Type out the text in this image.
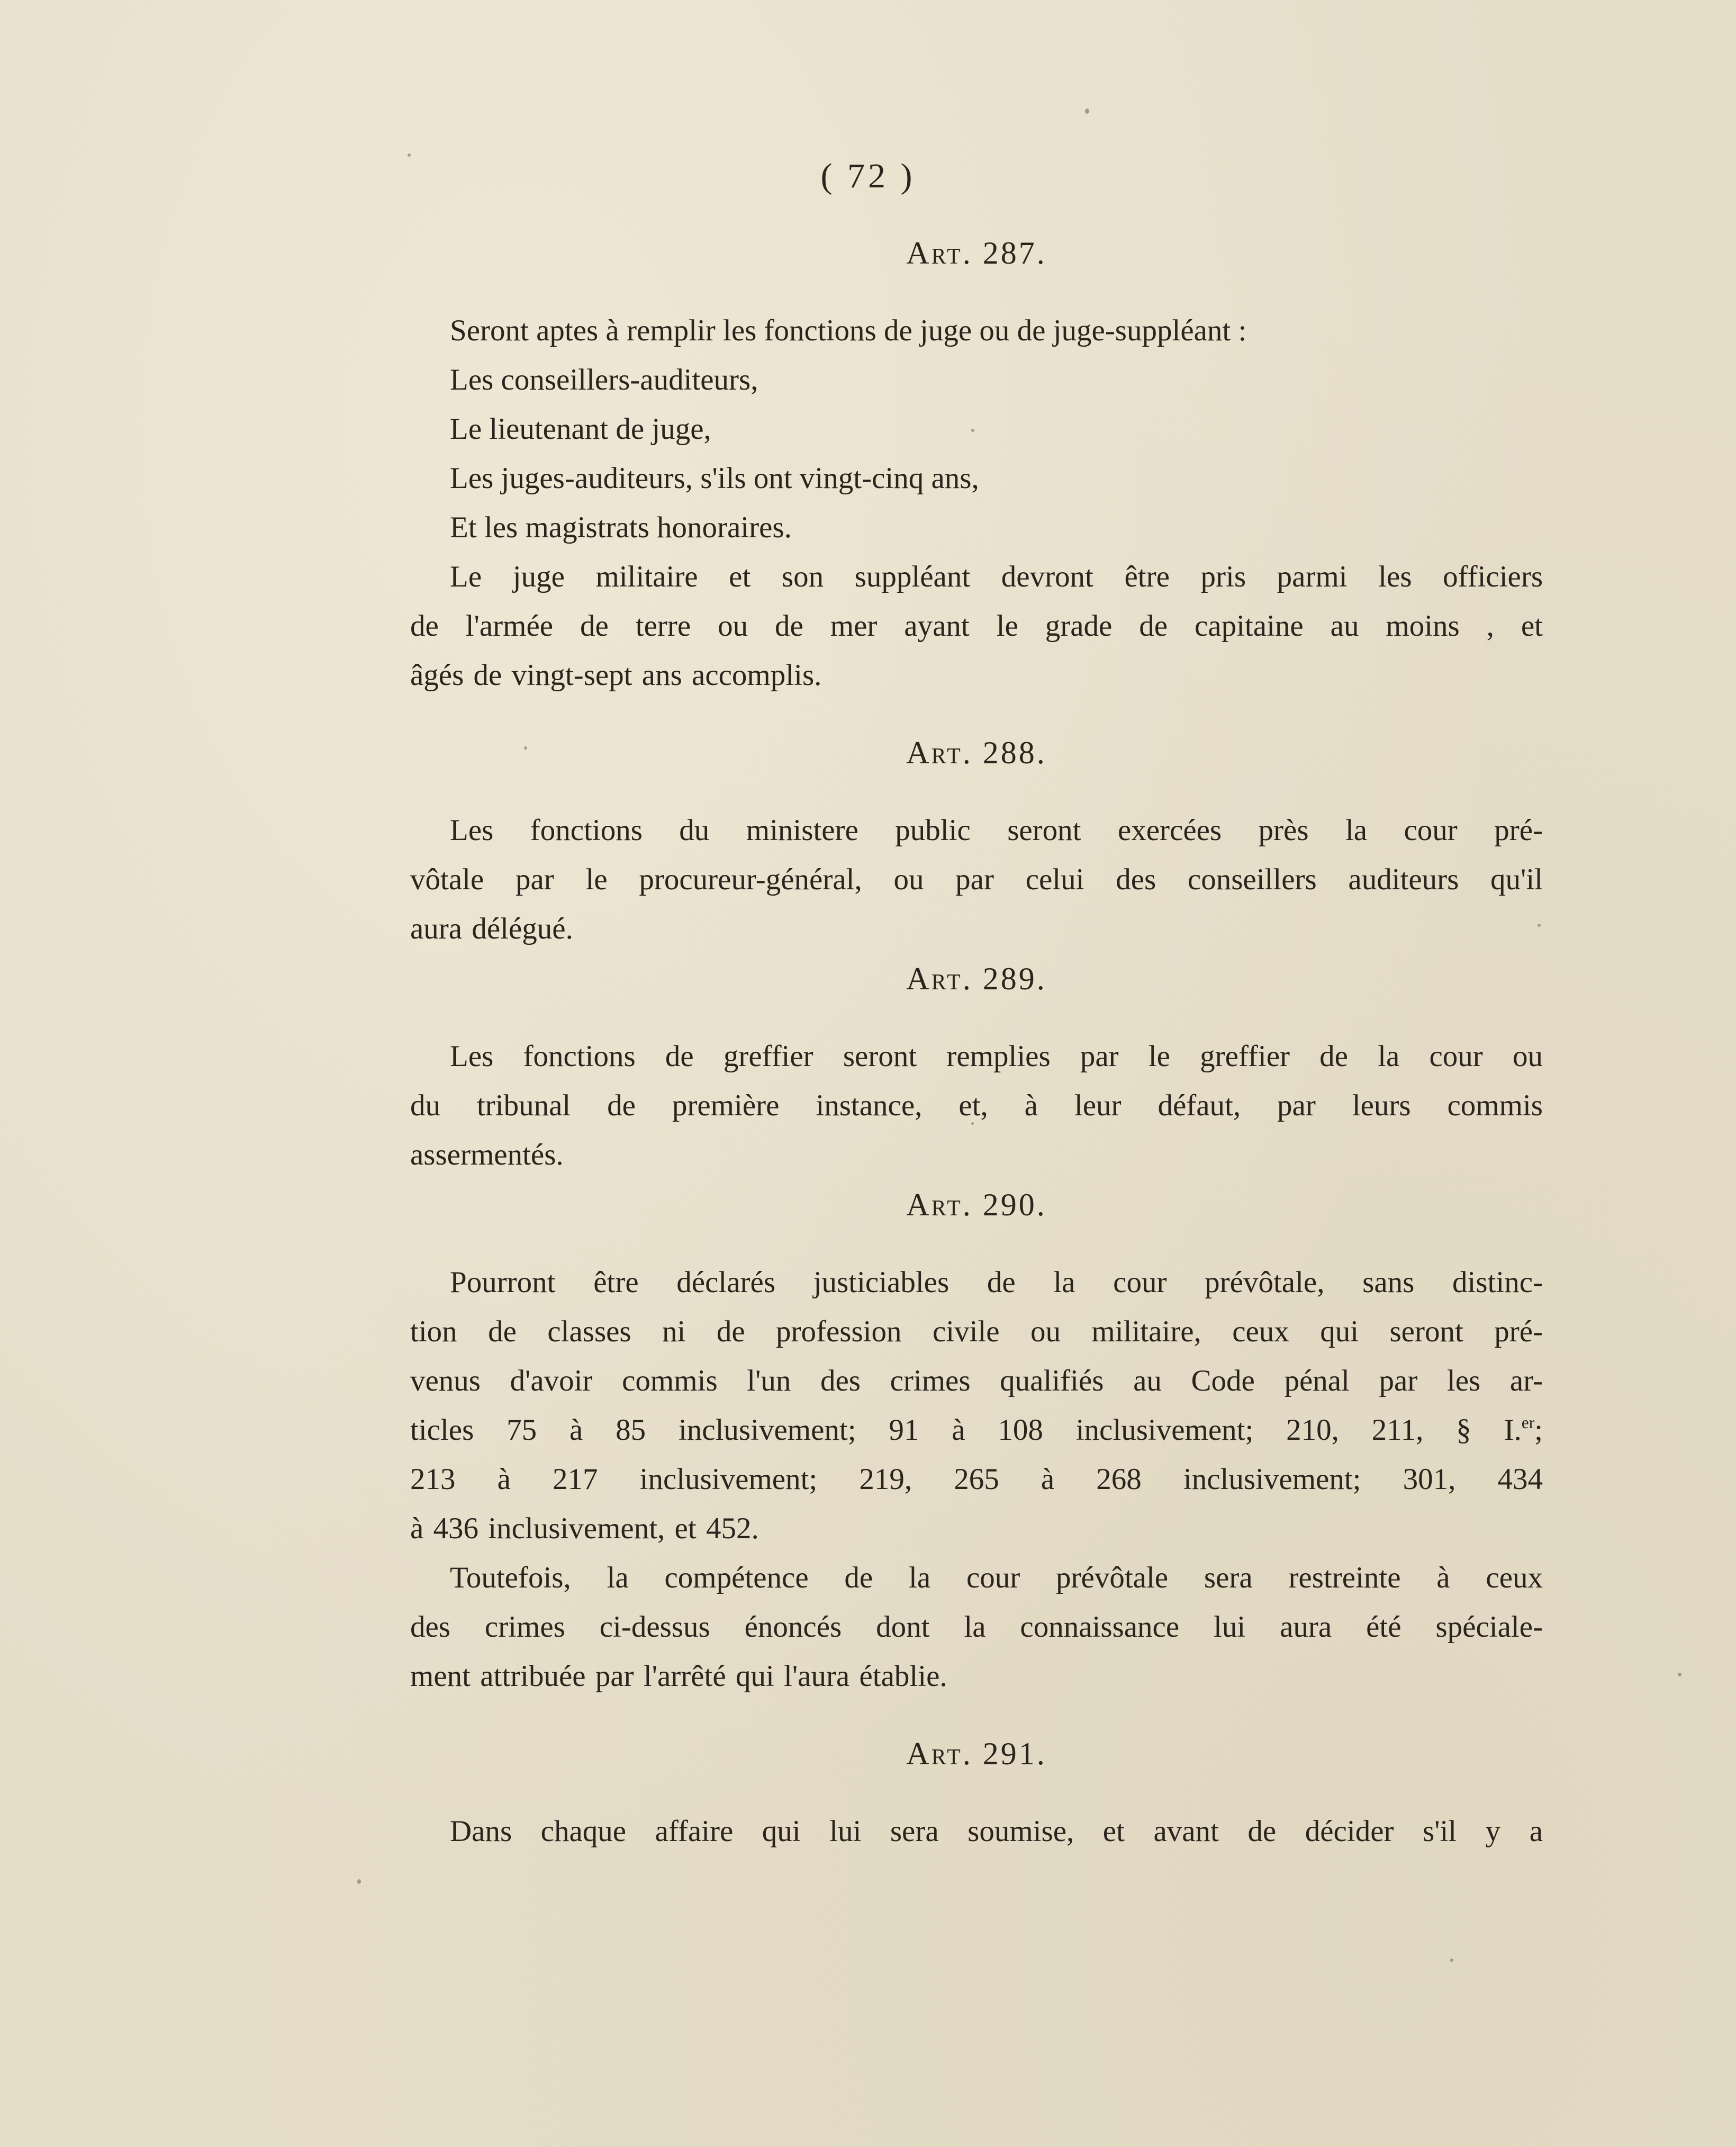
( 72 )
Art. 287.
Seront aptes à remplir les fonctions de juge ou de juge-suppléant :
Les conseillers-auditeurs,
Le lieutenant de juge,
Les juges-auditeurs, s'ils ont vingt-cinq ans,
Et les magistrats honoraires.

Le juge militaire et son suppléant devront être pris parmi les officiers
de l'armée de terre ou de mer ayant le grade de capitaine au moins , et
âgés de vingt-sept ans accomplis.

Art. 288.

Les fonctions du ministere public seront exercées près la cour pré-
vôtale par le procureur-général, ou par celui des conseillers auditeurs qu'il
aura délégué.

Art. 289.

Les fonctions de greffier seront remplies par le greffier de la cour ou
du tribunal de première instance, et, à leur défaut, par leurs commis
assermentés.

Art. 290.

Pourront être déclarés justiciables de la cour prévôtale, sans distinc-
tion de classes ni de profession civile ou militaire, ceux qui seront pré-
venus d'avoir commis l'un des crimes qualifiés au Code pénal par les ar-
ticles 75 à 85 inclusivement; 91 à 108 inclusivement; 210, 211, § I.$^{er}$;
213 à 217 inclusivement; 219, 265 à 268 inclusivement; 301, 434
à 436 inclusivement, et 452.

Toutefois, la compétence de la cour prévôtale sera restreinte à ceux
des crimes ci-dessus énoncés dont la connaissance lui aura été spéciale-
ment attribuée par l'arrêté qui l'aura établie.

Art. 291.

Dans chaque affaire qui lui sera soumise, et avant de décider s'il y a
